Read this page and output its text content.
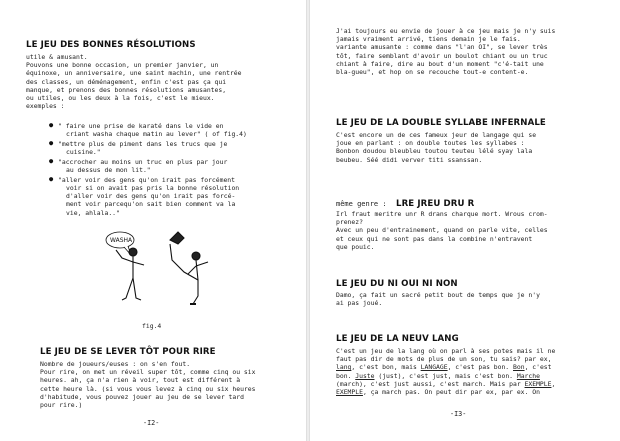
LE JEU DES BONNES RÉSOLUTIONS
utile & amusant.
Pouvons une bonne occasion, un premier janvier, un
équinoxe, un anniversaire, une saint machin, une rentrée
des classes, un déménagement, enfin c'est pas ça qui
manque, et prenons des bonnes résolutions amusantes,
ou utiles, ou les deux à la fois, c'est le mieux.
exemples :
● " faire une prise de karaté dans le vide en
criant washa chaque matin au lever" ( of fig.4)
● "mettre plus de piment dans les trucs que je
cuisine."
● "accrocher au moins un truc en plus par jour
au dessus de mon lit."
● "aller voir des gens qu'on irait pas forcément
voir si on avait pas pris la bonne résolution
d'aller voir des gens qu'on irait pas forcé-
ment voir parcequ'on sait bien comment va la
vie, ahlala.."
WASHA
fig.4
LE JEU DE SE LEVER TÔT POUR RIRE
Nombre de joueurs/euses : on s'en fout.
Pour rire, on met un réveil super tôt, comme cinq ou six
heures. ah, ça n'a rien à voir, tout est différent à
cette heure là. (si vous vous levez à cinq ou six heures
d'habitude, vous pouvez jouer au jeu de se lever tard
pour rire.)
-I2-
J'ai toujours eu envie de jouer à ce jeu mais je n'y suis
jamais vraiment arrivé, tiens demain je le fais.
variante amusante : comme dans "l'an OI", se lever très
tôt, faire semblant d'avoir un boulot chiant ou un truc
chiant à faire, dire au bout d'un moment "c'é-tait une
bla-gueu", et hop on se recouche tout-e content-e.
LE JEU DE LA DOUBLE SYLLABE INFERNALE
C'est encore un de ces fameux jeur de langage qui se
joue en parlant : on double toutes les syllabes :
Bonbon doudou bleubleu toutou teuteu lélé syay lala
beubeu. Séé didi verver titi ssanssan.
même genre : LRE JREU DRU R
Irl fraut meritre unr R drans charque mort. Wrous crom-
prenez?
Avec un peu d'entrainement, quand on parle vite, celles
et ceux qui ne sont pas dans la combine n'entravent
que pouic.
LE JEU DU NI OUI NI NON
Damo, ça fait un sacré petit bout de temps que je n'y
ai pas joué.
LE JEU DE LA NEUV LANG
C'est un jeu de la lang où on parl à ses potes mais il ne
faut pas dir de mots de plus de un son, tu sais? par ex,
lang, c'est bon, mais LANGAGE, c'est pas bon. Bon, c'est
bon. Juste (just), c'est just, mais c'est bon. Marche
(march), c'est just aussi, c'est march. Mais par EXEMPLE,
EXEMPLE, ça march pas. On peut dir par ex, par ex. On
-I3-
